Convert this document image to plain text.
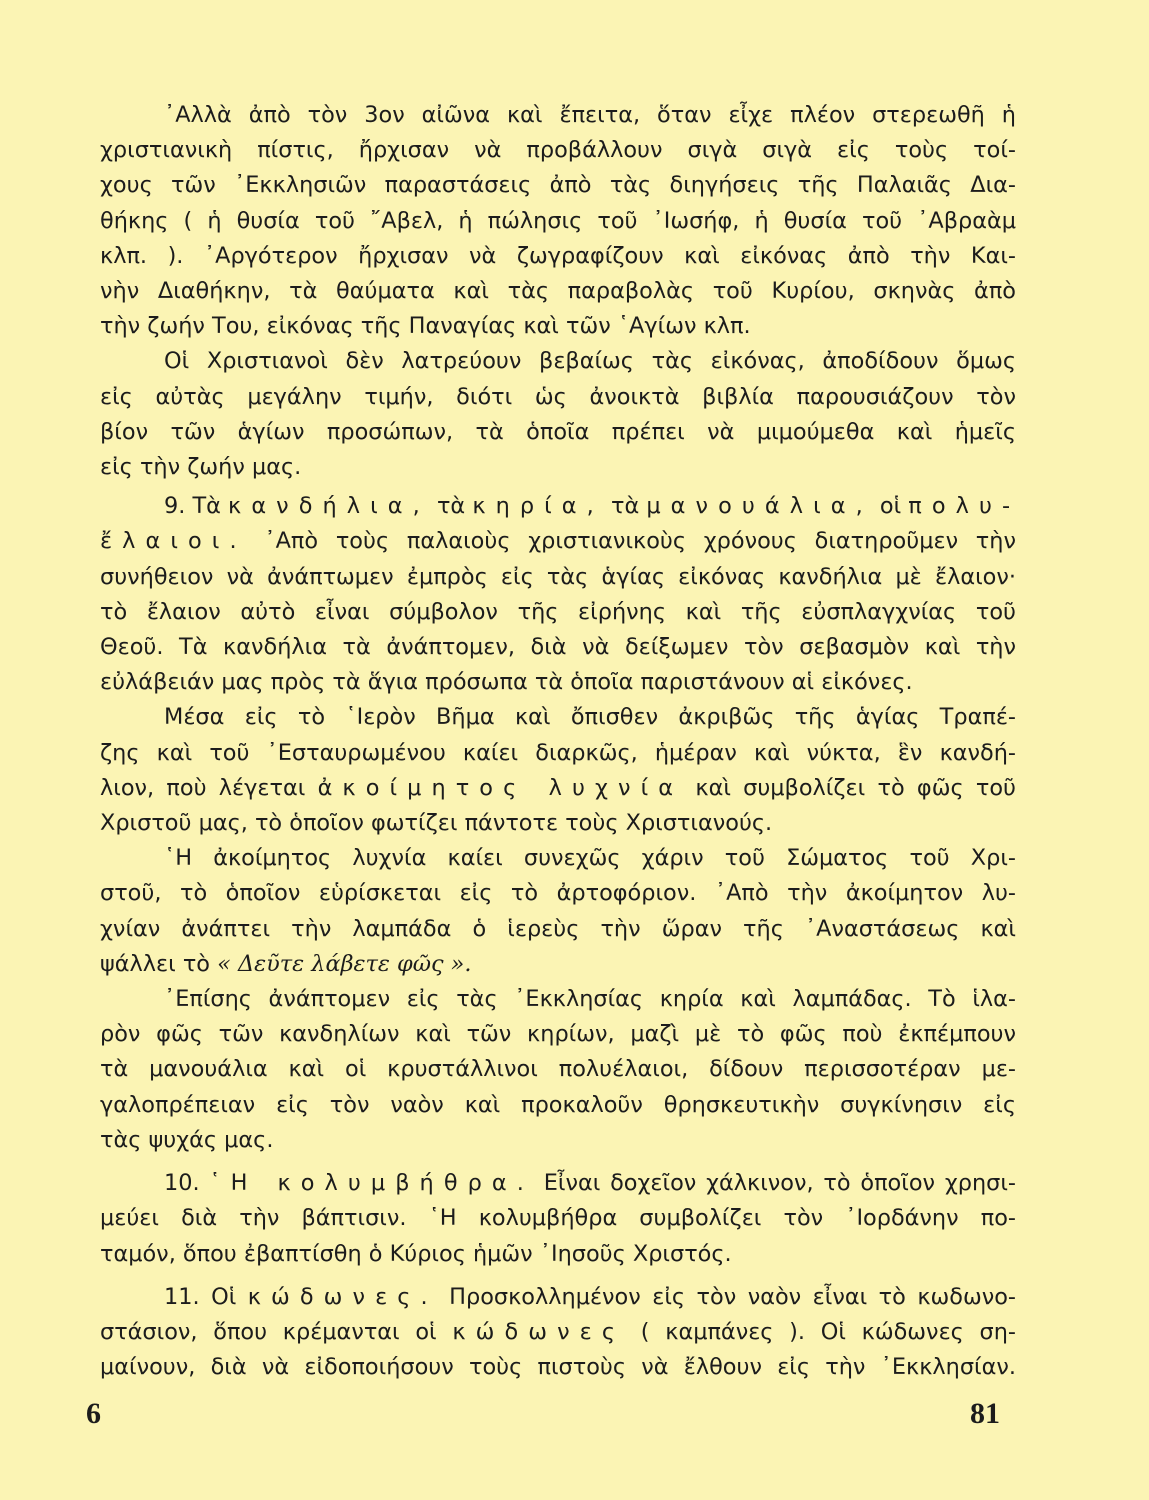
᾿Αλλὰ ἀπὸ τὸν 3ον αἰῶνα καὶ ἔπειτα, ὅταν εἶχε πλέον στερεωθῆ ἡ
χριστιανικὴ πίστις, ἤρχισαν νὰ προβάλλουν σιγὰ σιγὰ εἰς τοὺς τοί-
χους τῶν ᾿Εκκλησιῶν παραστάσεις ἀπὸ τὰς διηγήσεις τῆς Παλαιᾶς Δια-
θήκης ( ἡ θυσία τοῦ ῎Αβελ, ἡ πώλησις τοῦ ᾿Ιωσήφ, ἡ θυσία τοῦ ᾿Αβραὰμ
κλπ. ). ᾿Αργότερον ἤρχισαν νὰ ζωγραφίζουν καὶ εἰκόνας ἀπὸ τὴν Και-
νὴν Διαθήκην, τὰ θαύματα καὶ τὰς παραβολὰς τοῦ Κυρίου, σκηνὰς ἀπὸ
τὴν ζωήν Του, εἰκόνας τῆς Παναγίας καὶ τῶν ῾Αγίων κλπ.
Οἱ Χριστιανοὶ δὲν λατρεύουν βεβαίως τὰς εἰκόνας, ἀποδίδουν ὅμως
εἰς αὐτὰς μεγάλην τιμήν, διότι ὡς ἀνοικτὰ βιβλία παρουσιάζουν τὸν
βίον τῶν ἁγίων προσώπων, τὰ ὁποῖα πρέπει νὰ μιμούμεθα καὶ ἡμεῖς
εἰς τὴν ζωήν μας.
9. Τὰ κανδήλια, τὰ κηρία, τὰ μανουάλια, οἱ πολυ-
ἔλαιοι. ᾿Απὸ τοὺς παλαιοὺς χριστιανικοὺς χρόνους διατηροῦμεν τὴν
συνήθειον νὰ ἀνάπτωμεν ἐμπρὸς εἰς τὰς ἁγίας εἰκόνας κανδήλια μὲ ἔλαιον·
τὸ ἔλαιον αὐτὸ εἶναι σύμβολον τῆς εἰρήνης καὶ τῆς εὐσπλαγχνίας τοῦ
Θεοῦ. Τὰ κανδήλια τὰ ἀνάπτομεν, διὰ νὰ δείξωμεν τὸν σεβασμὸν καὶ τὴν
εὐλάβειάν μας πρὸς τὰ ἅγια πρόσωπα τὰ ὁποῖα παριστάνουν αἱ εἰκόνες.
Μέσα εἰς τὸ ῾Ιερὸν Βῆμα καὶ ὄπισθεν ἀκριβῶς τῆς ἁγίας Τραπέ-
ζης καὶ τοῦ ᾿Εσταυρωμένου καίει διαρκῶς, ἡμέραν καὶ νύκτα, ἓν κανδή-
λιον, ποὺ λέγεται ἀκοίμητος λυχνία καὶ συμβολίζει τὸ φῶς τοῦ
Χριστοῦ μας, τὸ ὁποῖον φωτίζει πάντοτε τοὺς Χριστιανούς.
῾Η ἀκοίμητος λυχνία καίει συνεχῶς χάριν τοῦ Σώματος τοῦ Χρι-
στοῦ, τὸ ὁποῖον εὑρίσκεται εἰς τὸ ἀρτοφόριον. ᾿Απὸ τὴν ἀκοίμητον λυ-
χνίαν ἀνάπτει τὴν λαμπάδα ὁ ἱερεὺς τὴν ὥραν τῆς ᾿Αναστάσεως καὶ
ψάλλει τὸ « Δεῦτε λάβετε φῶς ».
᾿Επίσης ἀνάπτομεν εἰς τὰς ᾿Εκκλησίας κηρία καὶ λαμπάδας. Τὸ ἱλα-
ρὸν φῶς τῶν κανδηλίων καὶ τῶν κηρίων, μαζὶ μὲ τὸ φῶς ποὺ ἐκπέμπουν
τὰ μανουάλια καὶ οἱ κρυστάλλινοι πολυέλαιοι, δίδουν περισσοτέραν με-
γαλοπρέπειαν εἰς τὸν ναὸν καὶ προκαλοῦν θρησκευτικὴν συγκίνησιν εἰς
τὰς ψυχάς μας.
10. ῾Η κολυμβήθρα. Εἶναι δοχεῖον χάλκινον, τὸ ὁποῖον χρησι-
μεύει διὰ τὴν βάπτισιν. ῾Η κολυμβήθρα συμβολίζει τὸν ᾿Ιορδάνην πο-
ταμόν, ὅπου ἐβαπτίσθη ὁ Κύριος ἡμῶν ᾿Ιησοῦς Χριστός.
11. Οἱ κώδωνες. Προσκολλημένον εἰς τὸν ναὸν εἶναι τὸ κωδωνο-
στάσιον, ὅπου κρέμανται οἱ κώδωνες ( καμπάνες ). Οἱ κώδωνες ση-
μαίνουν, διὰ νὰ εἰδοποιήσουν τοὺς πιστοὺς νὰ ἔλθουν εἰς τὴν ᾿Εκκλησίαν.
6	81
